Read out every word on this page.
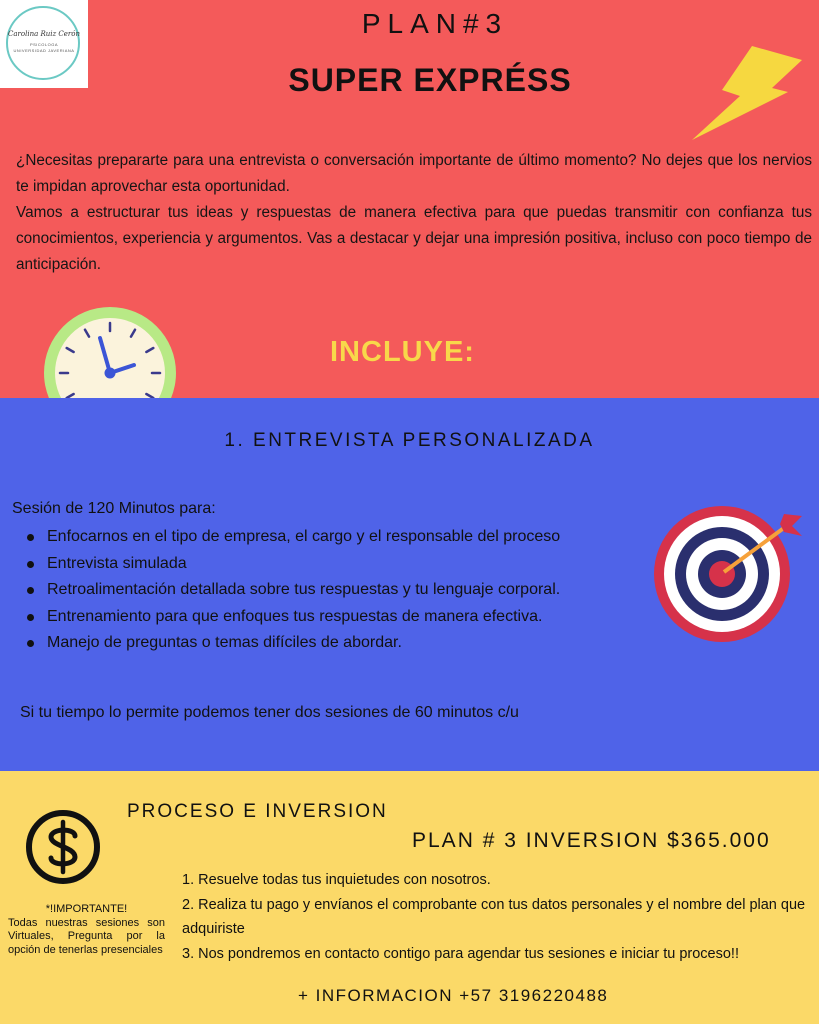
Carolina Ruiz Cerón
PSICOLOGA
UNIVERSIDAD JAVERIANA
PLAN#3
SUPER EXPRÉSS

¿Necesitas prepararte para una entrevista o conversación importante de último momento? No dejes que los nervios te impidan aprovechar esta oportunidad.

Vamos a estructurar tus ideas y respuestas de manera efectiva para que puedas transmitir con confianza tus conocimientos, experiencia y argumentos. Vas a destacar y dejar una impresión positiva, incluso con poco tiempo de anticipación.

INCLUYE:
1. ENTREVISTA PERSONALIZADA
Sesión de 120 Minutos para:
Enfocarnos en el tipo de empresa, el cargo y el responsable del proceso
Entrevista simulada
Retroalimentación detallada sobre tus respuestas y tu lenguaje corporal.
Entrenamiento para que enfoques tus respuestas de manera efectiva.
Manejo de preguntas o temas difíciles de abordar.
Si tu tiempo lo permite podemos tener dos sesiones de 60 minutos c/u
PROCESO E INVERSION
PLAN # 3 INVERSION $365.000
*!IMPORTANTE!
Todas nuestras sesiones son Virtuales, Pregunta por la opción de tenerlas presenciales

1. Resuelve todas tus inquietudes con nosotros.

2. Realiza tu pago y envíanos el comprobante con tus datos personales y el nombre del plan que adquiriste

3. Nos pondremos en contacto contigo para agendar tus sesiones e iniciar tu proceso!!

+ INFORMACION +57 3196220488
